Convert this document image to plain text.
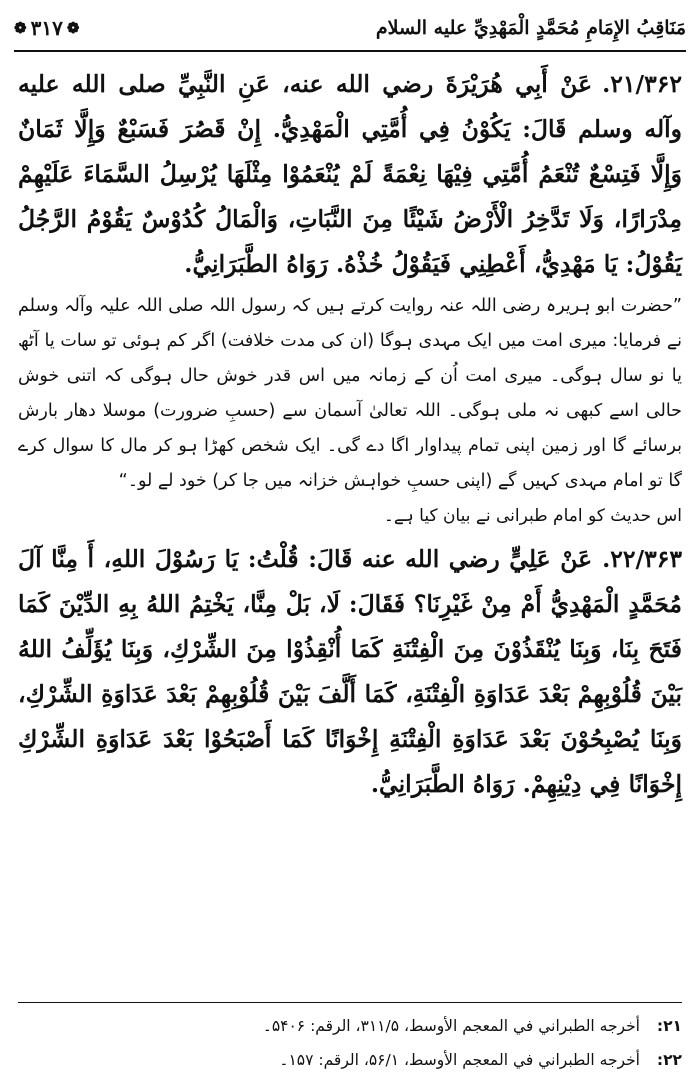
مَنَاقِبُ الإِمَامِ مُحَمَّدٍ الْمَهْدِيِّ عليه السلام
❁
۳۱۷
❁

۲۱/۳۶۲.عَنْ أَبِي هُرَيْرَةَ رضي الله عنه، عَنِ النَّبِيِّ صلى الله عليه وآله وسلم قَالَ: يَكُوْنُ فِي أُمَّتِي الْمَهْدِيُّ. إِنْ قَصُرَ فَسَبْعٌ وَإِلَّا ثَمَانٌ وَإِلَّا فَتِسْعٌ تُنْعَمُ أُمَّتِي فِيْهَا نِعْمَةً لَمْ يُنْعَمُوْا مِثْلَهَا يُرْسِلُ السَّمَاءَ عَلَيْهِمْ مِدْرَارًا، وَلَا تَدَّخِرُ الْأَرْضُ شَيْئًا مِنَ النَّبَاتِ، وَالْمَالُ كُدُوْسٌ يَقُوْمُ الرَّجُلُ يَقُوْلُ: يَا مَهْدِيُّ، أَعْطِنِي فَيَقُوْلُ خُذْهُ. رَوَاهُ الطَّبَرَانِيُّ.

”حضرت ابو ہریرہ رضی اللہ عنہ روایت کرتے ہیں کہ رسول اللہ صلی اللہ علیہ وآلہ وسلم نے فرمایا: میری امت میں ایک مہدی ہوگا (ان کی مدت خلافت) اگر کم ہوئی تو سات یا آٹھ یا نو سال ہوگی۔ میری امت اُن کے زمانہ میں اس قدر خوش حال ہوگی کہ اتنی خوش حالی اسے کبھی نہ ملی ہوگی۔ اللہ تعالیٰ آسمان سے (حسبِ ضرورت) موسلا دھار بارش برسائے گا اور زمین اپنی تمام پیداوار اگا دے گی۔ ایک شخص کھڑا ہو کر مال کا سوال کرے گا تو امام مہدی کہیں گے (اپنی حسبِ خواہش خزانہ میں جا کر) خود لے لو۔“

اس حدیث کو امام طبرانی نے بیان کیا ہے۔

۲۲/۳۶۳.عَنْ عَلِيٍّ رضي الله عنه قَالَ: قُلْتُ: يَا رَسُوْلَ اللهِ، أَ مِنَّا آلَ مُحَمَّدٍ الْمَهْدِيُّ أَمْ مِنْ غَيْرِنَا؟ فَقَالَ: لَا، بَلْ مِنَّا، يَخْتِمُ اللهُ بِهِ الدِّيْنَ كَمَا فَتَحَ بِنَا، وَبِنَا يُنْقَذُوْنَ مِنَ الْفِتْنَةِ كَمَا أُنْقِذُوْا مِنَ الشِّرْكِ، وَبِنَا يُؤَلِّفُ اللهُ بَيْنَ قُلُوْبِهِمْ بَعْدَ عَدَاوَةِ الْفِتْنَةِ، كَمَا أَلَّفَ بَيْنَ قُلُوْبِهِمْ بَعْدَ عَدَاوَةِ الشِّرْكِ، وَبِنَا يُصْبِحُوْنَ بَعْدَ عَدَاوَةِ الْفِتْنَةِ إِخْوَانًا كَمَا أَصْبَحُوْا بَعْدَ عَدَاوَةِ الشِّرْكِ إِخْوَانًا فِي دِيْنِهِمْ. رَوَاهُ الطَّبَرَانِيُّ.

۲۱:
أخرجه الطبراني في المعجم الأوسط، ۳۱۱/۵، الرقم: ۵۴۰۶۔
۲۲:
أخرجه الطبراني في المعجم الأوسط، ۵۶/۱، الرقم: ۱۵۷۔
